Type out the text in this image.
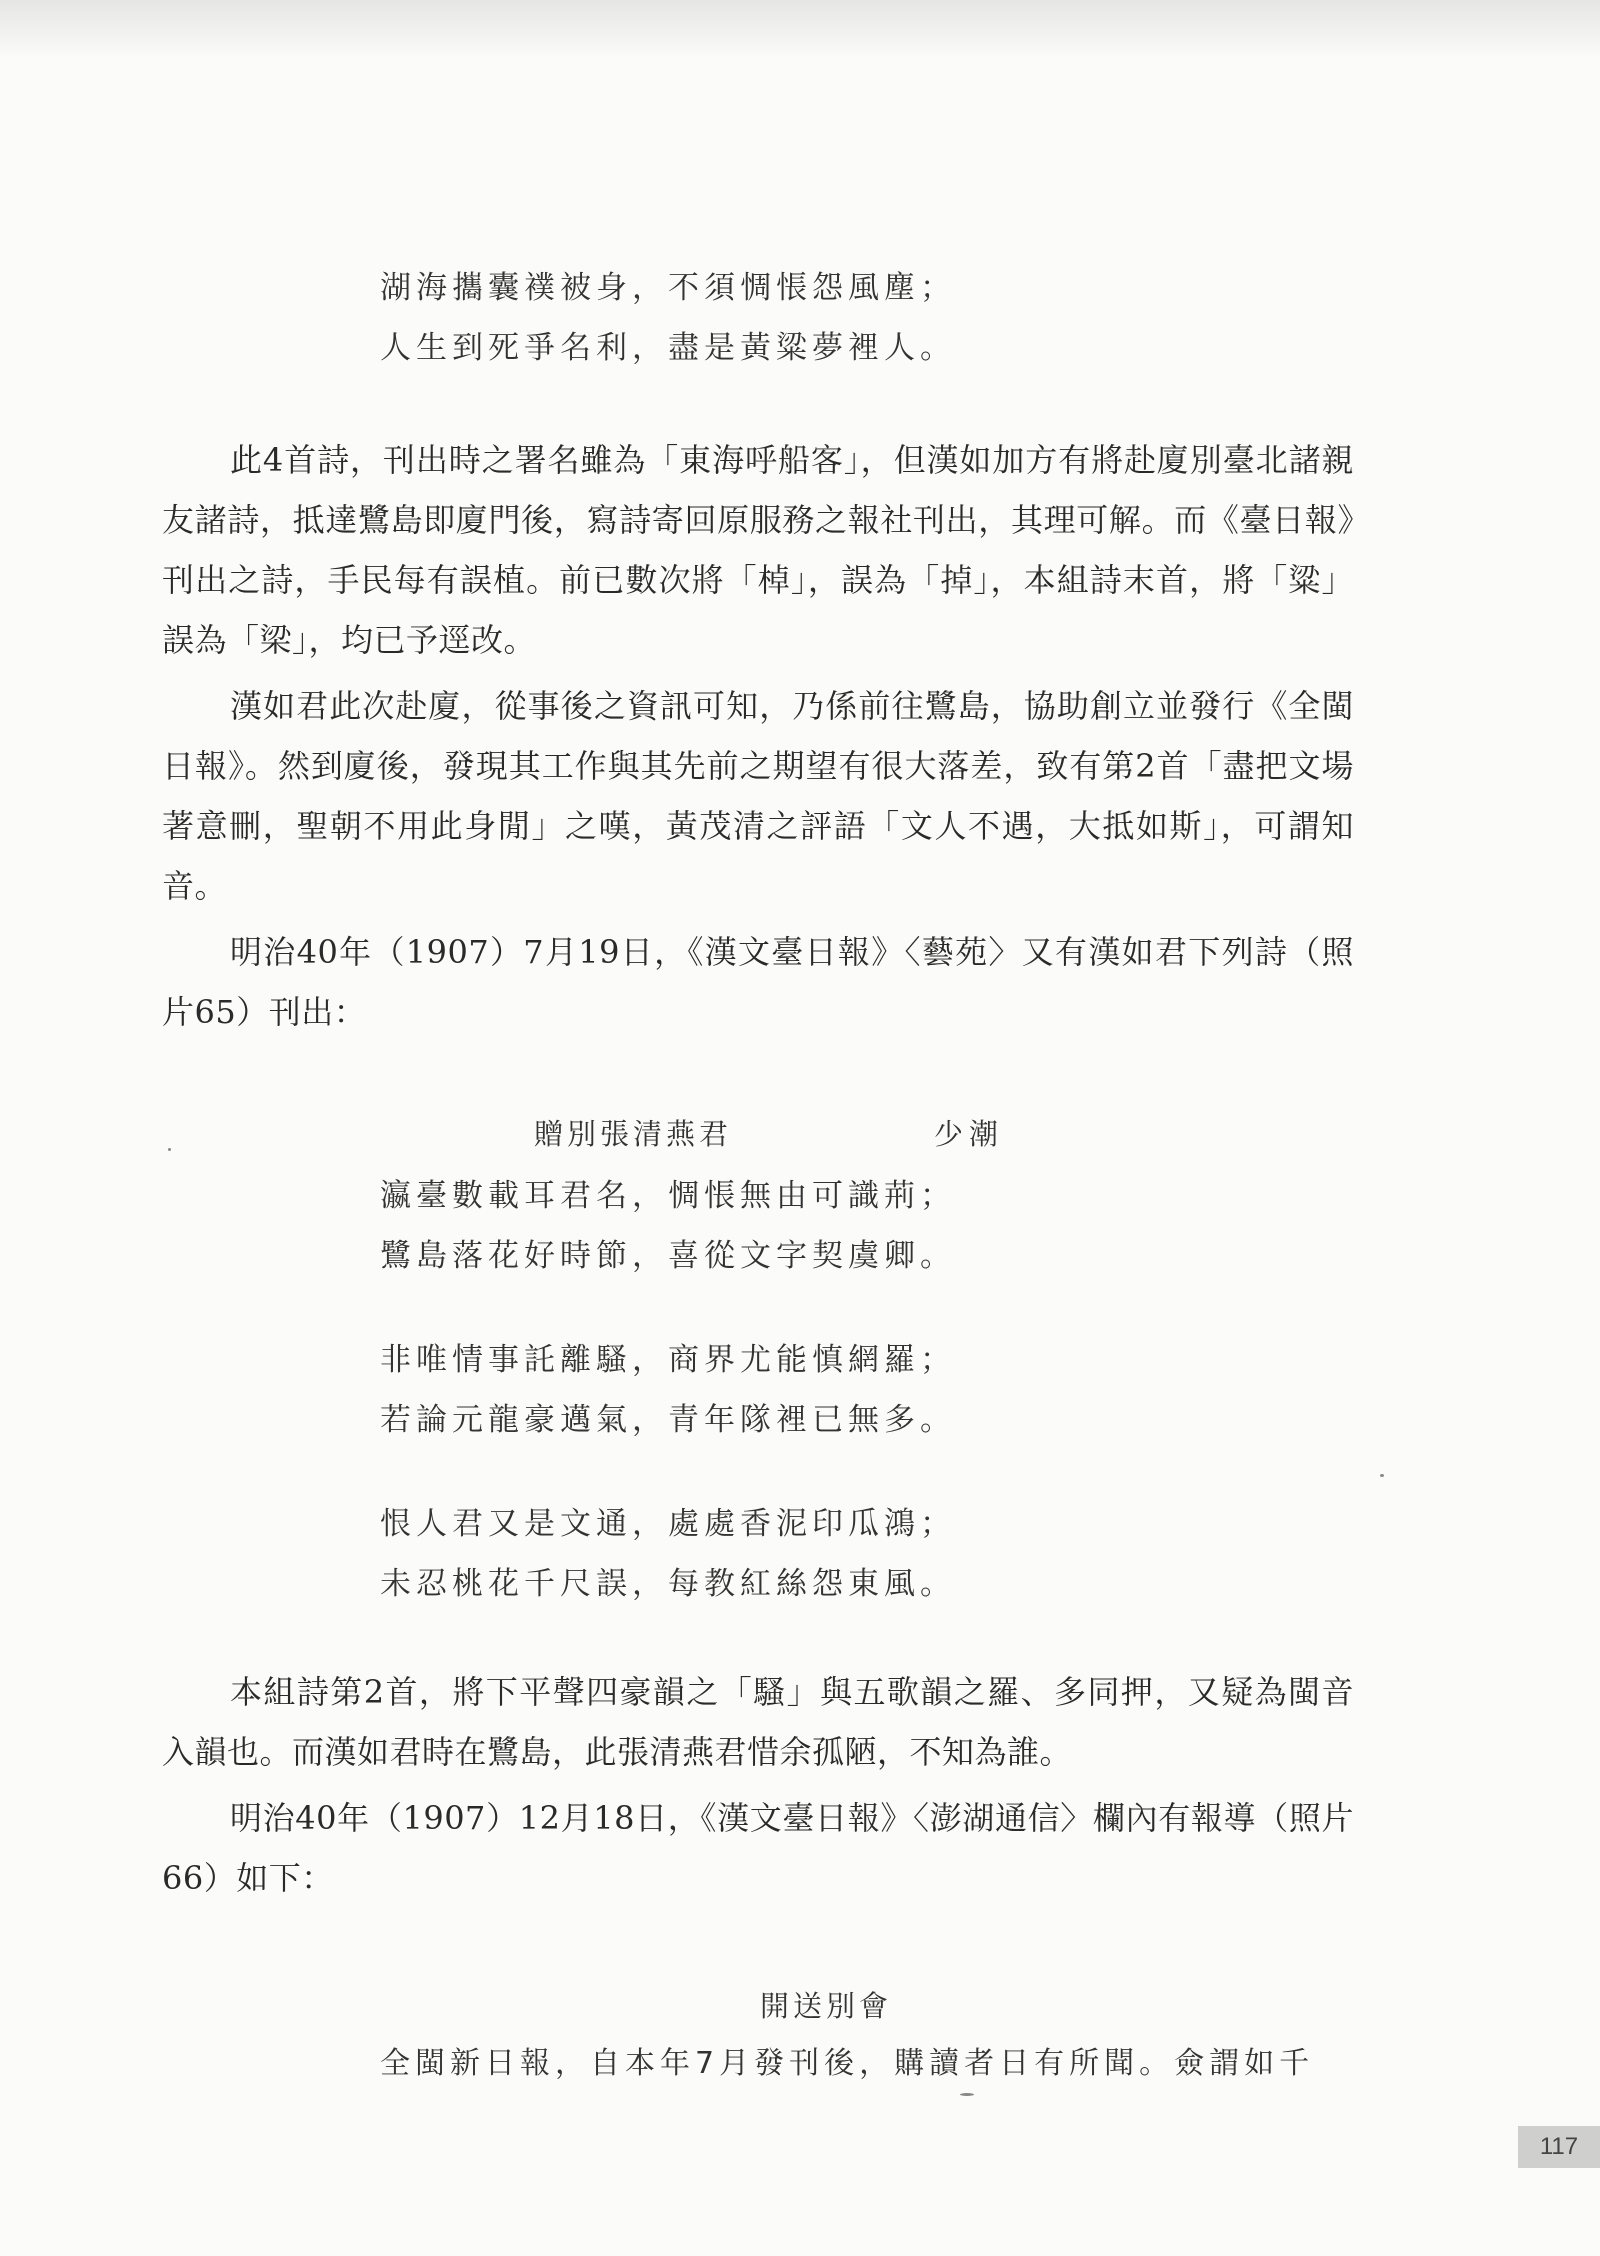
湖海攜囊襆被身，不須惆悵怨風塵；
人生到死爭名利，盡是黃粱夢裡人。

此4首詩，刊出時之署名雖為「東海呼船客」，但漢如加方有將赴廈別臺北諸親友諸詩，抵達鷺島即廈門後，寫詩寄回原服務之報社刊出，其理可解。而《臺日報》刊出之詩，手民每有誤植。前已數次將「棹」，誤為「掉」，本組詩末首，將「粱」誤為「梁」，均已予逕改。

漢如君此次赴廈，從事後之資訊可知，乃係前往鷺島，協助創立並發行《全閩日報》。然到廈後，發現其工作與其先前之期望有很大落差，致有第2首「盡把文場著意刪，聖朝不用此身閒」之嘆，黃茂清之評語「文人不遇，大抵如斯」，可謂知音。

明治40年（1907）7月19日，《漢文臺日報》〈藝苑〉又有漢如君下列詩（照片65）刊出：

贈別張清燕君	少潮
瀛臺數載耳君名，惆悵無由可識荊；
鷺島落花好時節，喜從文字契虞卿。
非唯情事託離騷，商界尤能慎網羅；
若論元龍豪邁氣，青年隊裡已無多。
恨人君又是文通，處處香泥印瓜鴻；
未忍桃花千尺誤，每教紅絲怨東風。

本組詩第2首，將下平聲四豪韻之「騷」與五歌韻之羅、多同押，又疑為閩音入韻也。而漢如君時在鷺島，此張清燕君惜余孤陋，不知為誰。

明治40年（1907）12月18日，《漢文臺日報》〈澎湖通信〉欄內有報導（照片66）如下：

開送別會
全閩新日報，自本年7月發刊後，購讀者日有所聞。僉謂如千
117
